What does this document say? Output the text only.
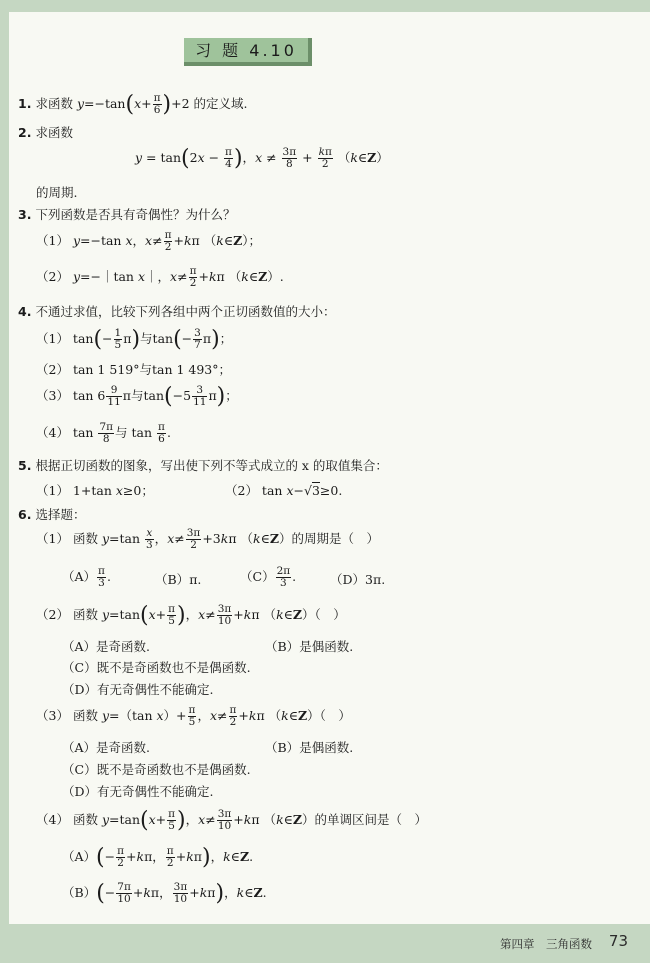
习 题 4.10
1. 求函数 $y=-\tan(x+ \frac{\pi}{6} )+2$ 的定义域.
2. 求函数
$y = \tan(2x - \frac{\pi}{4}$ )，$x \ne \frac{3\pi}{8} + \frac{k\pi}{2}$ （k∈Z）
的周期.
3. 下列函数是否具有奇偶性？为什么？
（1） y=−tan x，$x\ne \frac{\pi}{2} +k\pi$ （k∈Z）；
（2） y=−｜tan x｜，$x\ne \frac{\pi}{2} +k\pi$ （k∈Z）.
4. 不通过求值，比较下列各组中两个正切函数值的大小：
（1） $\tan(- \frac{1}{5} \pi)$与$\tan(- \frac{3}{7} \pi)$；
（2） tan 1 519°与tan 1 493°；
（3） $\tan 6 \frac{9}{11}$ π与$\tan(-5 \frac{3}{11} \pi)$；
（4） $\tan \frac{7\pi}{8}$ 与 $\tan \frac{\pi}{6}$ .
5. 根据正切函数的图象，写出使下列不等式成立的 x 的取值集合：
（1） 1+tan x≥0；	（2） tan x−√3≥0.
6. 选择题：
（1） 函数 $y=\tan \frac{x}{3}$ ，$x\ne \frac{3\pi}{2} +3k\pi$ （k∈Z）的周期是（　）
$(A) \frac{\pi}{3}$ .	（B）π.	$(C) \frac{2\pi}{3}$ .	（D）3π.
（2） 函数 $y=\tan(x+ \frac{\pi}{5}$ )，$x\ne \frac{3\pi}{10} +k\pi$ （k∈Z）（　）
（A）是奇函数.	（B）是偶函数.
（C）既不是奇函数也不是偶函数.
（D）有无奇偶性不能确定.
（3） 函数 y=（tan $x)+ \frac{\pi}{5}$ ，$x\ne \frac{\pi}{2} +k\pi$ （k∈Z）（　）
（A）是奇函数.	（B）是偶函数.
（C）既不是奇函数也不是偶函数.
（D）有无奇偶性不能确定.
（4） 函数 $y=\tan(x+ \frac{\pi}{5}$ )，$x\ne \frac{3\pi}{10} +k\pi$ （k∈Z）的单调区间是（　）
$(A)(- \frac{\pi}{2} +k\pi$， $\frac{\pi}{2} +k\pi$)，k∈Z.
$(B)(- \frac{7\pi}{10} +k\pi$， $\frac{3\pi}{10} +k\pi$)，k∈Z.
第四章　三角函数 73
